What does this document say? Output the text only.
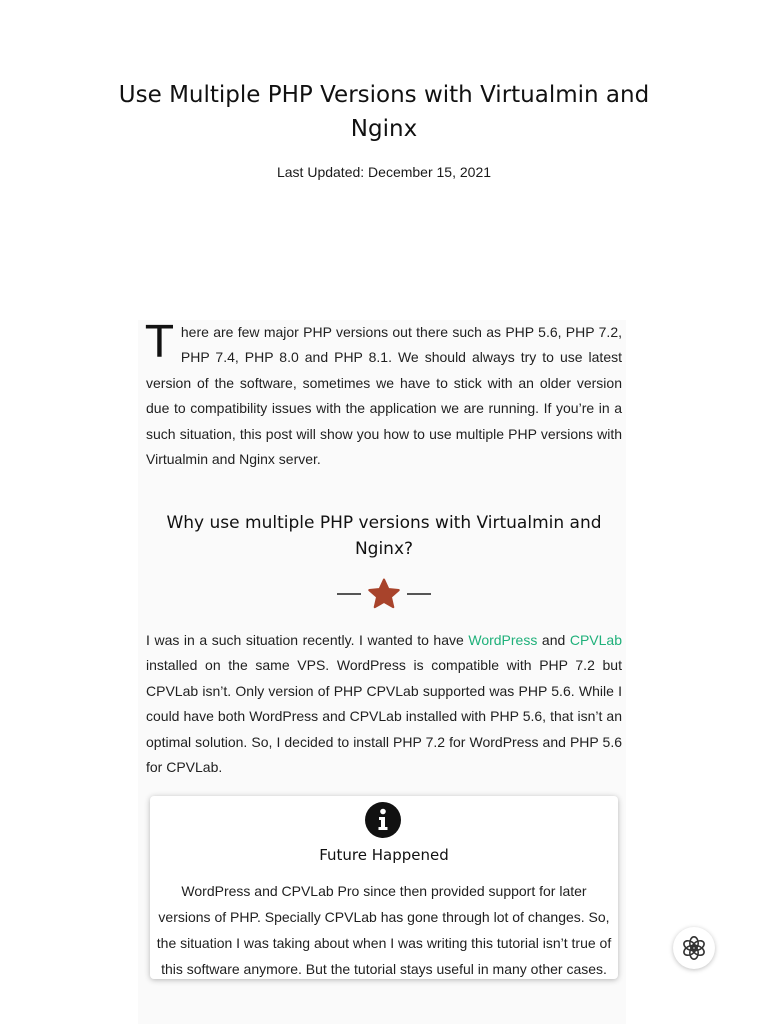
Use Multiple PHP Versions with Virtualmin and Nginx
Last Updated: December 15, 2021

There are few major PHP versions out there such as PHP 5.6, PHP 7.2, PHP 7.4, PHP 8.0 and PHP 8.1. We should always try to use latest version of the software, sometimes we have to stick with an older version due to compatibility issues with the application we are running. If you’re in a such situation, this post will show you how to use multiple PHP versions with Virtualmin and Nginx server.

Why use multiple PHP versions with Virtualmin and Nginx?

I was in a such situation recently. I wanted to have WordPress and CPVLab installed on the same VPS. WordPress is compatible with PHP 7.2 but CPVLab isn’t. Only version of PHP CPVLab supported was PHP 5.6. While I could have both WordPress and CPVLab installed with PHP 5.6, that isn’t an optimal solution. So, I decided to install PHP 7.2 for WordPress and PHP 5.6 for CPVLab.

Future Happened

WordPress and CPVLab Pro since then provided support for later versions of PHP. Specially CPVLab has gone through lot of changes. So, the situation I was taking about when I was writing this tutorial isn’t true of this software anymore. But the tutorial stays useful in many other cases.
